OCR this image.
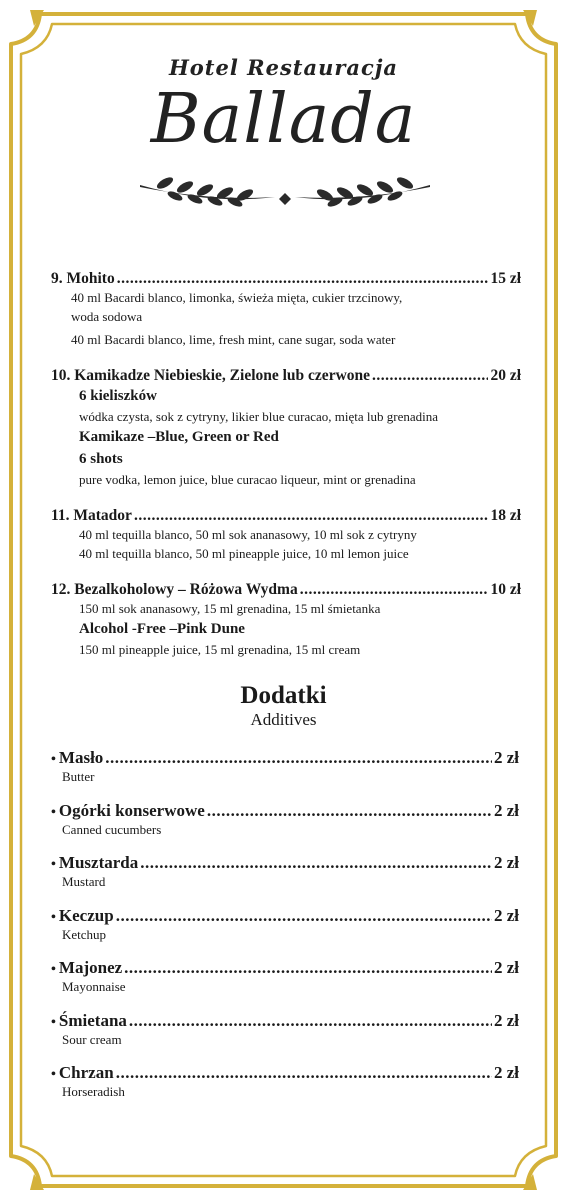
Hotel Restauracja
Ballada
9. Mohito .....	15 zł
40 ml Bacardi blanco, limonka, świeża mięta, cukier trzcinowy,
woda sodowa
40 ml Bacardi blanco, lime, fresh mint, cane sugar, soda water
10. Kamikadze Niebieskie, Zielone lub czerwone .....	20 zł
6 kieliszków
wódka czysta, sok z cytryny, likier blue curacao, mięta lub grenadina
Kamikaze –Blue, Green or Red
6 shots
pure vodka, lemon juice, blue curacao liqueur, mint or grenadina
11. Matador .....	18 zł
40 ml tequilla blanco, 50 ml sok ananasowy, 10 ml sok z cytryny
40 ml tequilla blanco, 50 ml pineapple juice, 10 ml lemon juice
12. Bezalkoholowy – Różowa Wydma .....	10 zł
150 ml sok ananasowy, 15 ml grenadina, 15 ml śmietanka
Alcohol -Free –Pink Dune
150 ml pineapple juice, 15 ml grenadina, 15 ml cream
Dodatki
Additives
• Masło .....	2 zł
Butter
• Ogórki konserwowe .....	2 zł
Canned cucumbers
• Musztarda .....	2 zł
Mustard
• Keczup .....	2 zł
Ketchup
• Majonez .....	2 zł
Mayonnaise
• Śmietana .....	2 zł
Sour cream
• Chrzan .....	2 zł
Horseradish
